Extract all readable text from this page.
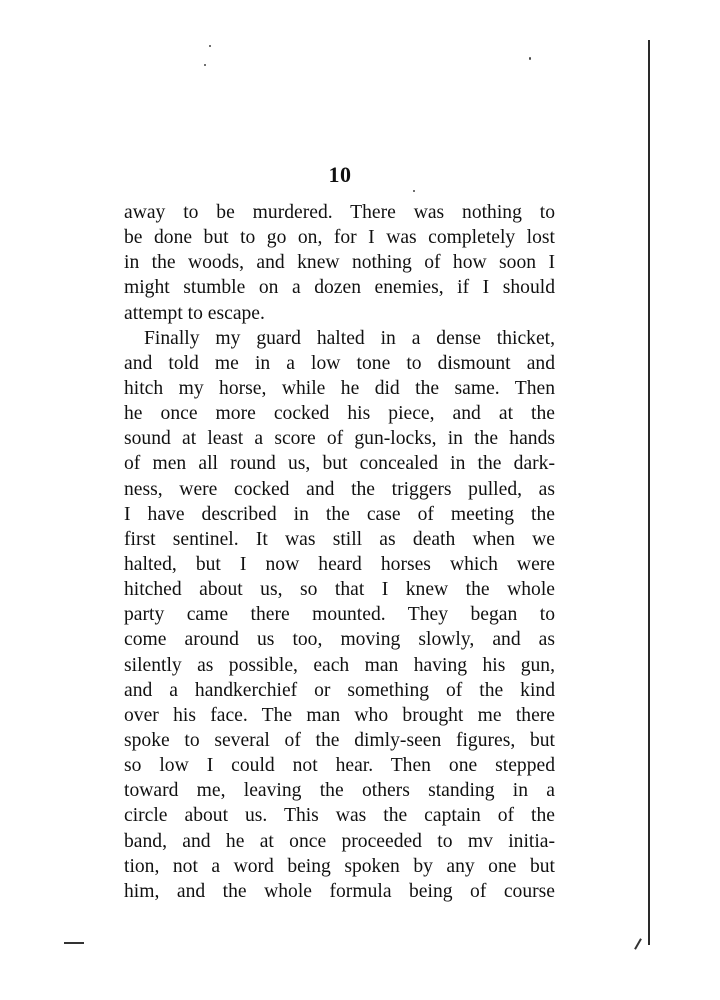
10
away to be murdered. There was nothing to
be done but to go on, for I was completely lost
in the woods, and knew nothing of how soon I
might stumble on a dozen enemies, if I should
attempt to escape.
Finally my guard halted in a dense thicket,
and told me in a low tone to dismount and
hitch my horse, while he did the same. Then
he once more cocked his piece, and at the
sound at least a score of gun-locks, in the hands
of men all round us, but concealed in the dark-
ness, were cocked and the triggers pulled, as
I have described in the case of meeting the
first sentinel. It was still as death when we
halted, but I now heard horses which were
hitched about us, so that I knew the whole
party came there mounted. They began to
come around us too, moving slowly, and as
silently as possible, each man having his gun,
and a handkerchief or something of the kind
over his face. The man who brought me there
spoke to several of the dimly-seen figures, but
so low I could not hear. Then one stepped
toward me, leaving the others standing in a
circle about us. This was the captain of the
band, and he at once proceeded to mv initia-
tion, not a word being spoken by any one but
him, and the whole formula being of course
